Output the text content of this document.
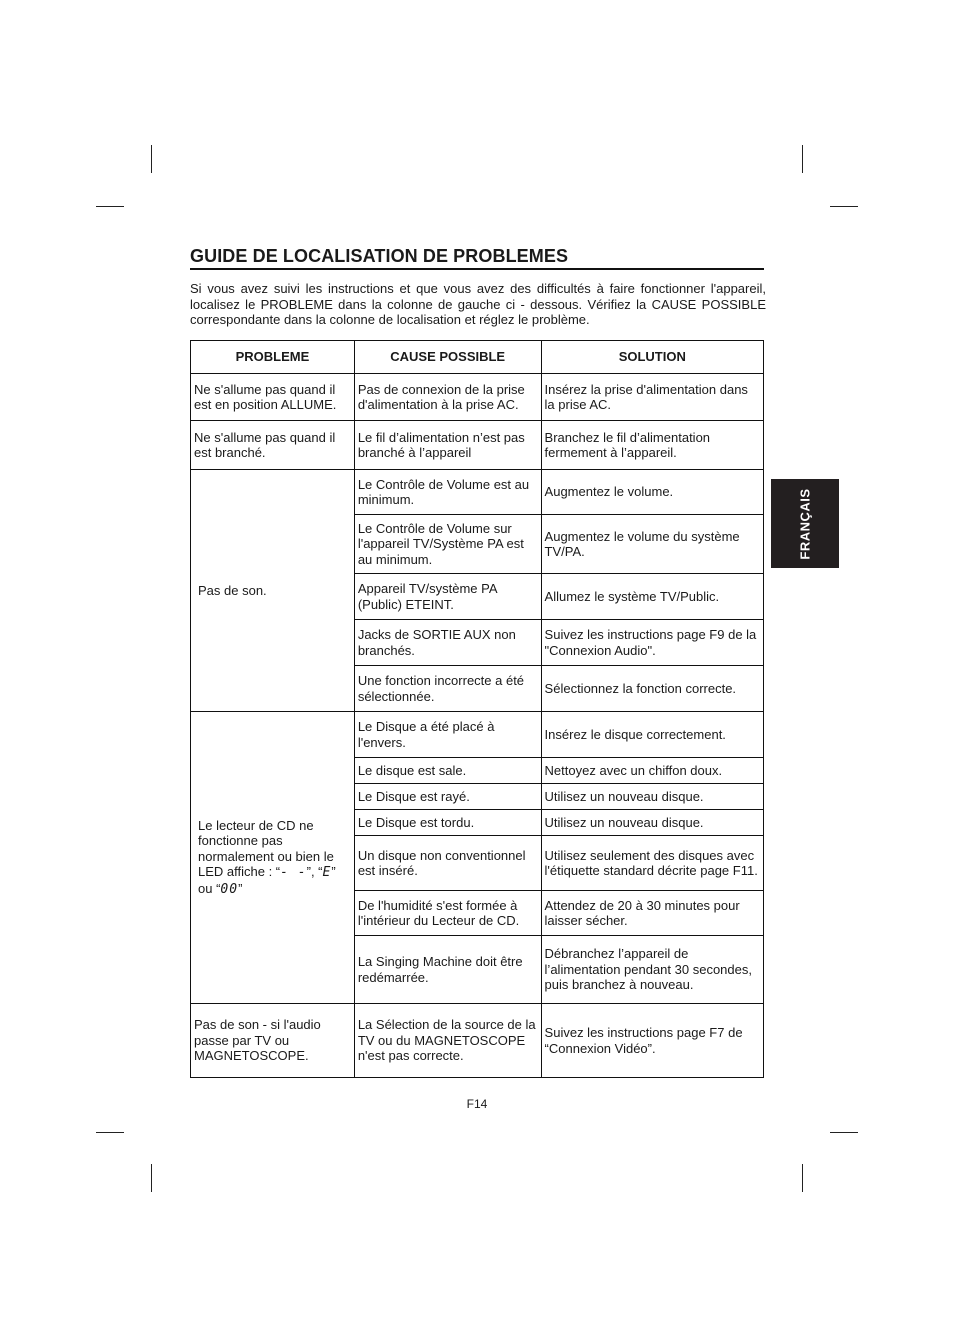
GUIDE DE LOCALISATION DE PROBLEMES
Si vous avez suivi les instructions et que vous avez des difficultés à faire fonctionner l'appareil, localisez le PROBLEME dans la colonne de gauche ci - dessous. Vérifiez la CAUSE POSSIBLE correspondante dans la colonne de localisation et réglez le problème.
FRANÇAIS
PROBLEME	CAUSE POSSIBLE	SOLUTION
Ne s'allume pas quand il est en position ALLUME.	Pas de connexion de la prise d'alimentation à la prise AC.	Insérez la prise d'alimentation dans la prise AC.
Ne s'allume pas quand il est branché.	Le fil d’alimentation n’est pas branché à l’appareil	Branchez le fil d’alimentation fermement à l’appareil.
Pas de son.	Le Contrôle de Volume est au minimum.	Augmentez le volume.
	Le Contrôle de Volume sur l'appareil TV/Système PA est au minimum.	Augmentez le volume du système TV/PA.
	Appareil TV/système PA (Public) ETEINT.	Allumez le système TV/Public.
	Jacks de SORTIE AUX non branchés.	Suivez les instructions page F9 de la "Connexion Audio".
	Une fonction incorrecte a été sélectionnée.	Sélectionnez la fonction correcte.
Le lecteur de CD ne fonctionne pas normalement ou bien le LED affiche : “- -”, “E” ou “00”	Le Disque a été placé à l'envers.	Insérez le disque correctement.
	Le disque est sale.	Nettoyez avec un chiffon doux.
	Le Disque est rayé.	Utilisez un nouveau disque.
	Le Disque est tordu.	Utilisez un nouveau disque.
	Un disque non conventionnel est inséré.	Utilisez seulement des disques avec l'étiquette standard décrite page F11.
	De l'humidité s'est formée à l'intérieur du Lecteur de CD.	Attendez de 20 à 30 minutes pour laisser sécher.
	La Singing Machine doit être redémarrée.	Débranchez l’appareil de l’alimentation pendant 30 secondes, puis branchez à nouveau.
Pas de son - si l'audio passe par TV ou MAGNETOSCOPE.	La Sélection de la source de la TV ou du MAGNETOSCOPE n'est pas correcte.	Suivez les instructions page F7 de “Connexion Vidéo”.
F14
